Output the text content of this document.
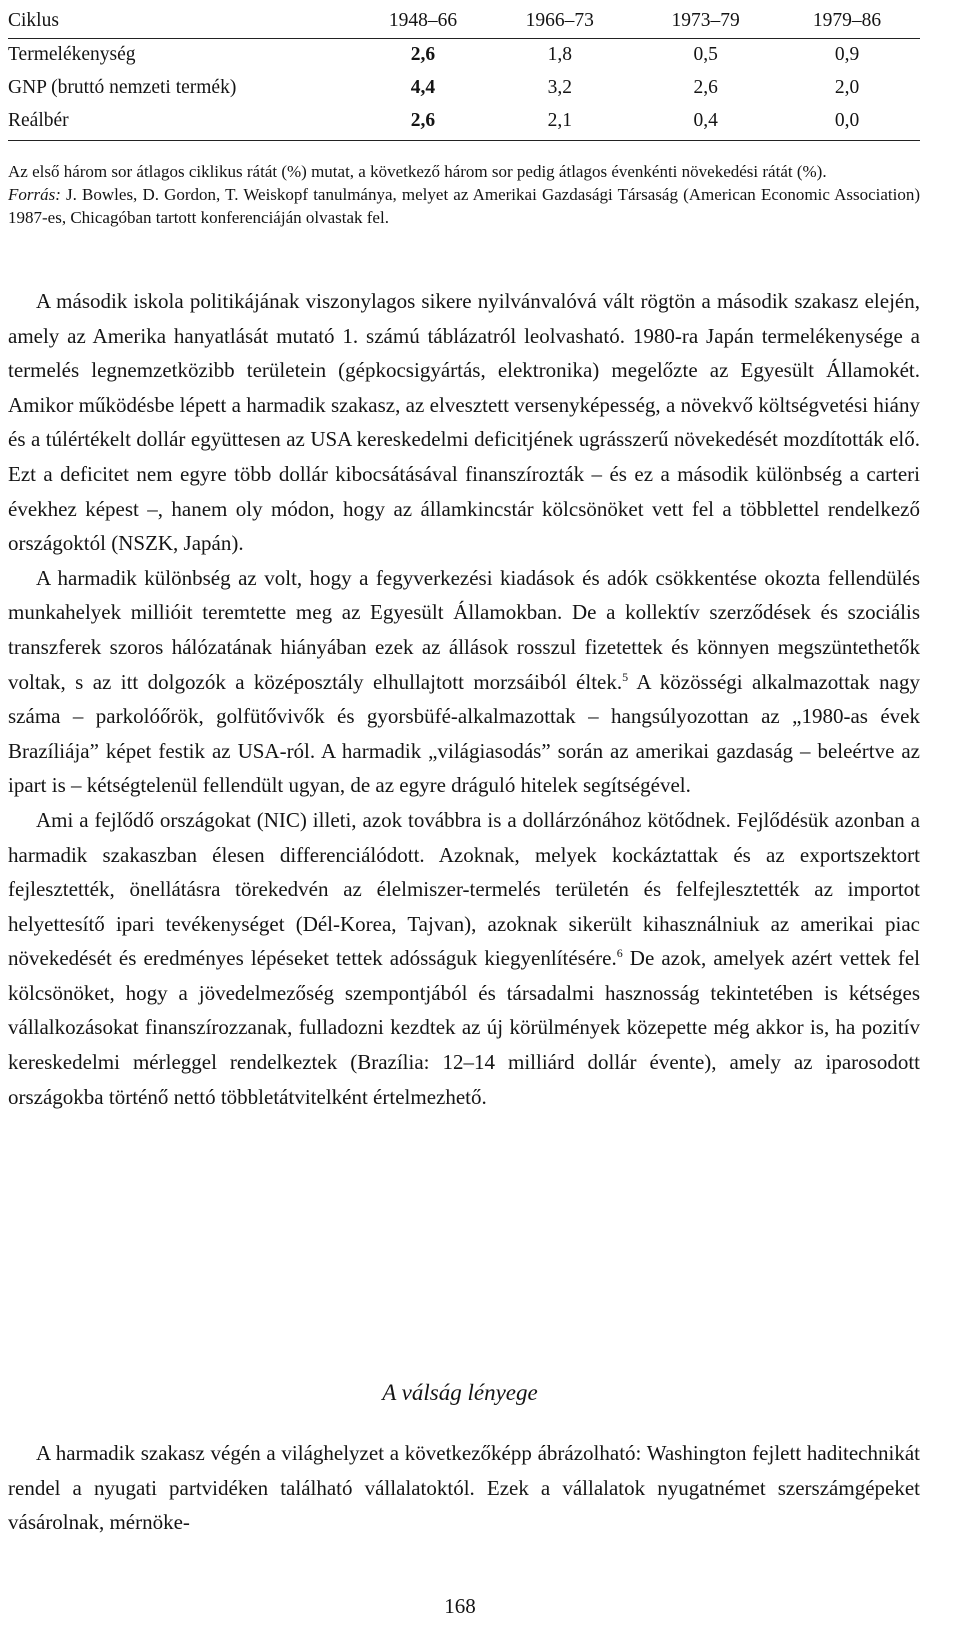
Ciklus	1948–66	1966–73	1973–79	1979–86
Termelékenység	2,6	1,8	0,5	0,9
GNP (bruttó nemzeti termék)	4,4	3,2	2,6	2,0
Reálbér	2,6	2,1	0,4	0,0

Az első három sor átlagos ciklikus rátát (%) mutat, a következő három sor pedig átlagos évenkénti növekedési rátát (%).

Forrás: J. Bowles, D. Gordon, T. Weiskopf tanulmánya, melyet az Amerikai Gazdasági Társaság (American Economic Association) 1987-es, Chicagóban tartott konferenciáján olvastak fel.

A második iskola politikájának viszonylagos sikere nyilvánvalóvá vált rögtön a második szakasz elején, amely az Amerika hanyatlását mutató 1. számú táblázatról leolvasható. 1980-ra Japán termelékenysége a termelés legnemzetközibb területein (gépkocsigyártás, elektronika) megelőzte az Egyesült Államokét. Amikor működésbe lépett a harmadik szakasz, az elvesztett versenyképesség, a növekvő költségvetési hiány és a túlértékelt dollár együttesen az USA kereskedelmi deficitjének ugrásszerű növekedését mozdították elő. Ezt a deficitet nem egyre több dollár kibocsátásával finanszírozták – és ez a második különbség a carteri évekhez képest –, hanem oly módon, hogy az államkincstár kölcsönöket vett fel a többlettel rendelkező országoktól (NSZK, Japán).

A harmadik különbség az volt, hogy a fegyverkezési kiadások és adók csökkentése okozta fellendülés munkahelyek millióit teremtette meg az Egyesült Államokban. De a kollektív szerződések és szociális transzferek szoros hálózatának hiányában ezek az állások rosszul fizetettek és könnyen megszüntethetők voltak, s az itt dolgozók a középosztály elhullajtott morzsáiból éltek.$^5$ A közösségi alkalmazottak nagy száma – parkolóőrök, golfütővivők és gyorsbüfé-alkalmazottak – hangsúlyozottan az „1980-as évek Brazíliája” képet festik az USA-ról. A harmadik „világiasodás” során az amerikai gazdaság – beleértve az ipart is – kétségtelenül fellendült ugyan, de az egyre dráguló hitelek segítségével.

Ami a fejlődő országokat (NIC) illeti, azok továbbra is a dollárzónához kötődnek. Fejlődésük azonban a harmadik szakaszban élesen differenciálódott. Azoknak, melyek kockáztattak és az exportszektort fejlesztették, önellátásra törekedvén az élelmiszer-termelés területén és felfejlesztették az importot helyettesítő ipari tevékenységet (Dél-Korea, Tajvan), azoknak sikerült kihasználniuk az amerikai piac növekedését és eredményes lépéseket tettek adósságuk kiegyenlítésére.$^6$ De azok, amelyek azért vettek fel kölcsönöket, hogy a jövedelmezőség szempontjából és társadalmi hasznosság tekintetében is kétséges vállalkozásokat finanszírozzanak, fulladozni kezdtek az új körülmények közepette még akkor is, ha pozitív kereskedelmi mérleggel rendelkeztek (Brazília: 12–14 milliárd dollár évente), amely az iparosodott országokba történő nettó többletátvitelként értelmezhető.

A válság lényege

A harmadik szakasz végén a világhelyzet a következőképp ábrázolható: Washington fejlett haditechnikát rendel a nyugati partvidéken található vállalatoktól. Ezek a vállalatok nyugatnémet szerszámgépeket vásárolnak, mérnöke-

168
